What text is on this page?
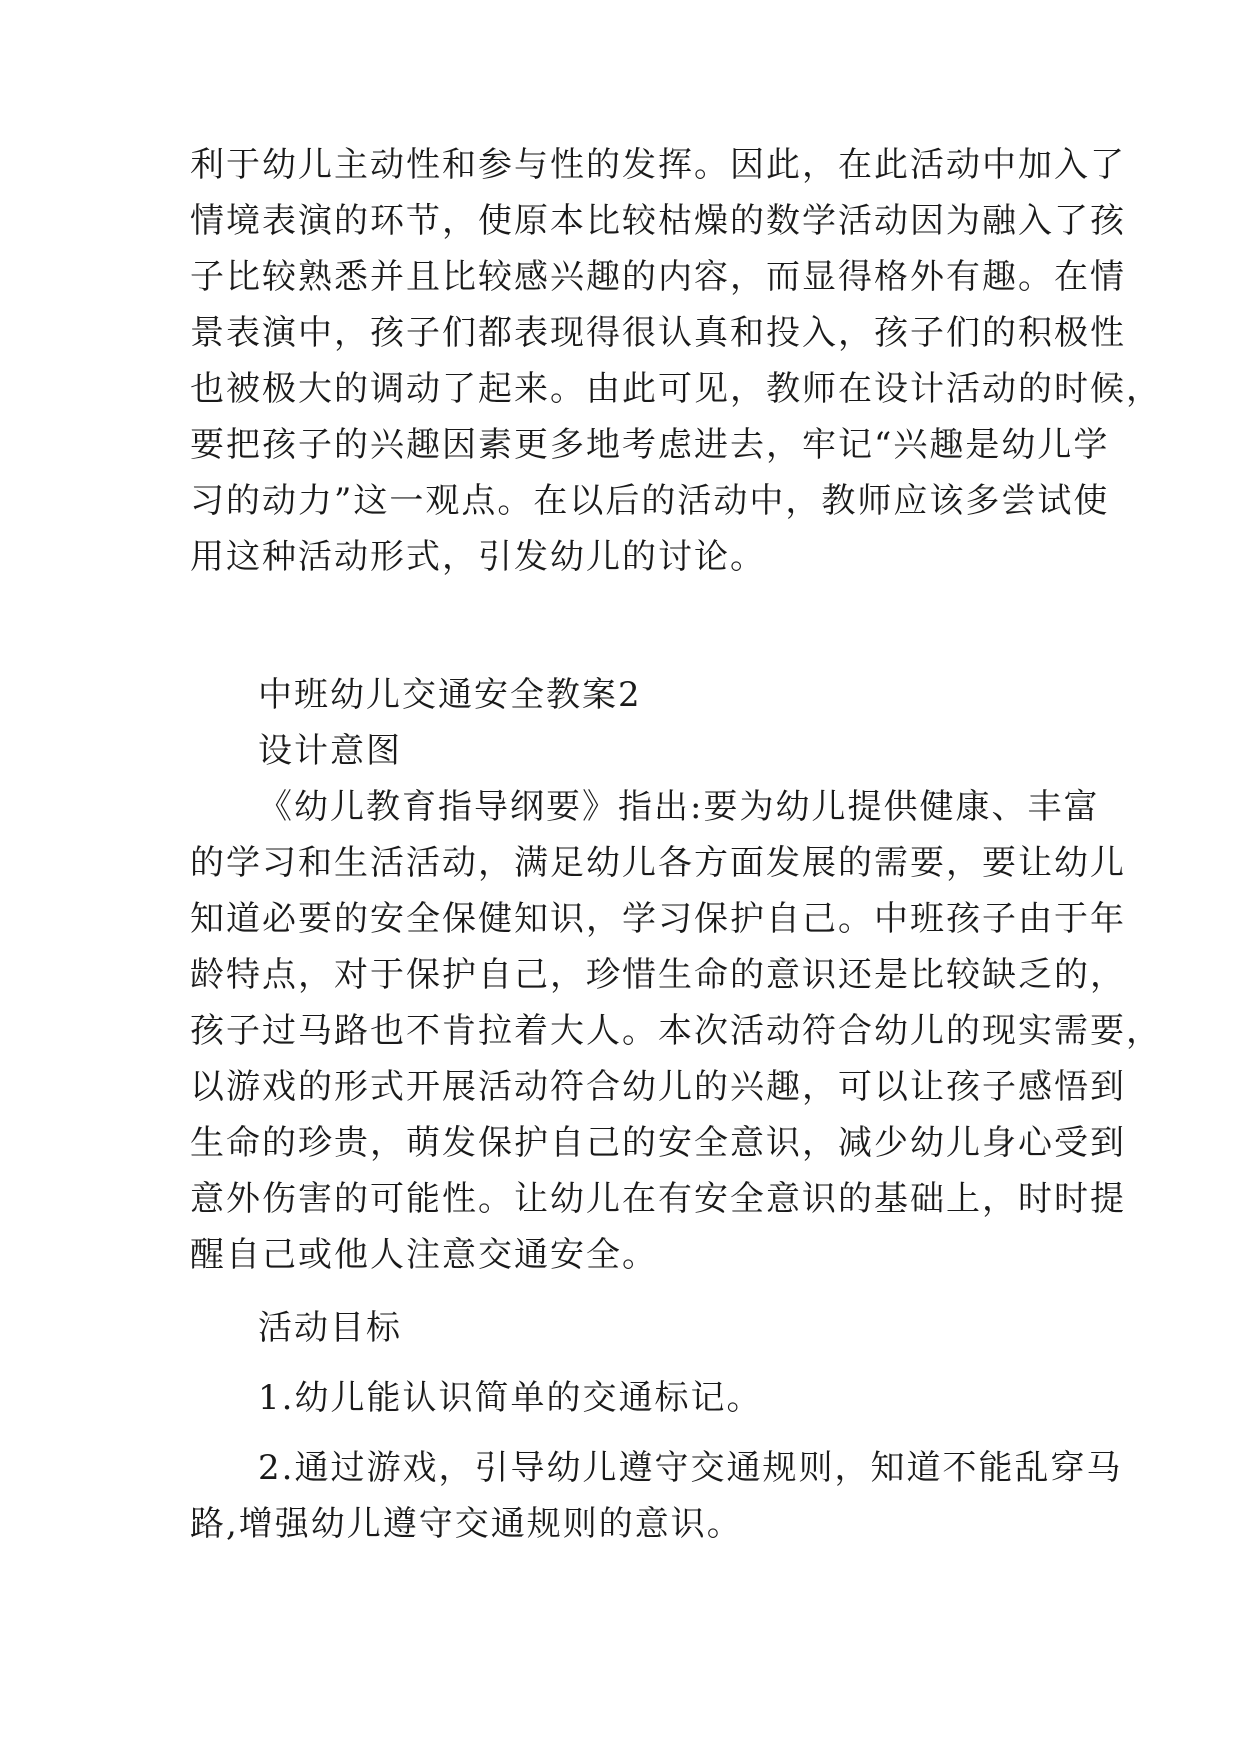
利于幼儿主动性和参与性的发挥。因此，在此活动中加入了
情境表演的环节，使原本比较枯燥的数学活动因为融入了孩
子比较熟悉并且比较感兴趣的内容，而显得格外有趣。在情
景表演中，孩子们都表现得很认真和投入，孩子们的积极性
也被极大的调动了起来。由此可见，教师在设计活动的时候，
要把孩子的兴趣因素更多地考虑进去，牢记“兴趣是幼儿学
习的动力”这一观点。在以后的活动中，教师应该多尝试使
用这种活动形式，引发幼儿的讨论。
中班幼儿交通安全教案2
设计意图
《幼儿教育指导纲要》指出:要为幼儿提供健康、丰富
的学习和生活活动，满足幼儿各方面发展的需要，要让幼儿
知道必要的安全保健知识，学习保护自己。中班孩子由于年
龄特点，对于保护自己，珍惜生命的意识还是比较缺乏的，
孩子过马路也不肯拉着大人。本次活动符合幼儿的现实需要，
以游戏的形式开展活动符合幼儿的兴趣，可以让孩子感悟到
生命的珍贵，萌发保护自己的安全意识，减少幼儿身心受到
意外伤害的可能性。让幼儿在有安全意识的基础上，时时提
醒自己或他人注意交通安全。
活动目标
1.幼儿能认识简单的交通标记。
2.通过游戏，引导幼儿遵守交通规则，知道不能乱穿马
路,增强幼儿遵守交通规则的意识。
